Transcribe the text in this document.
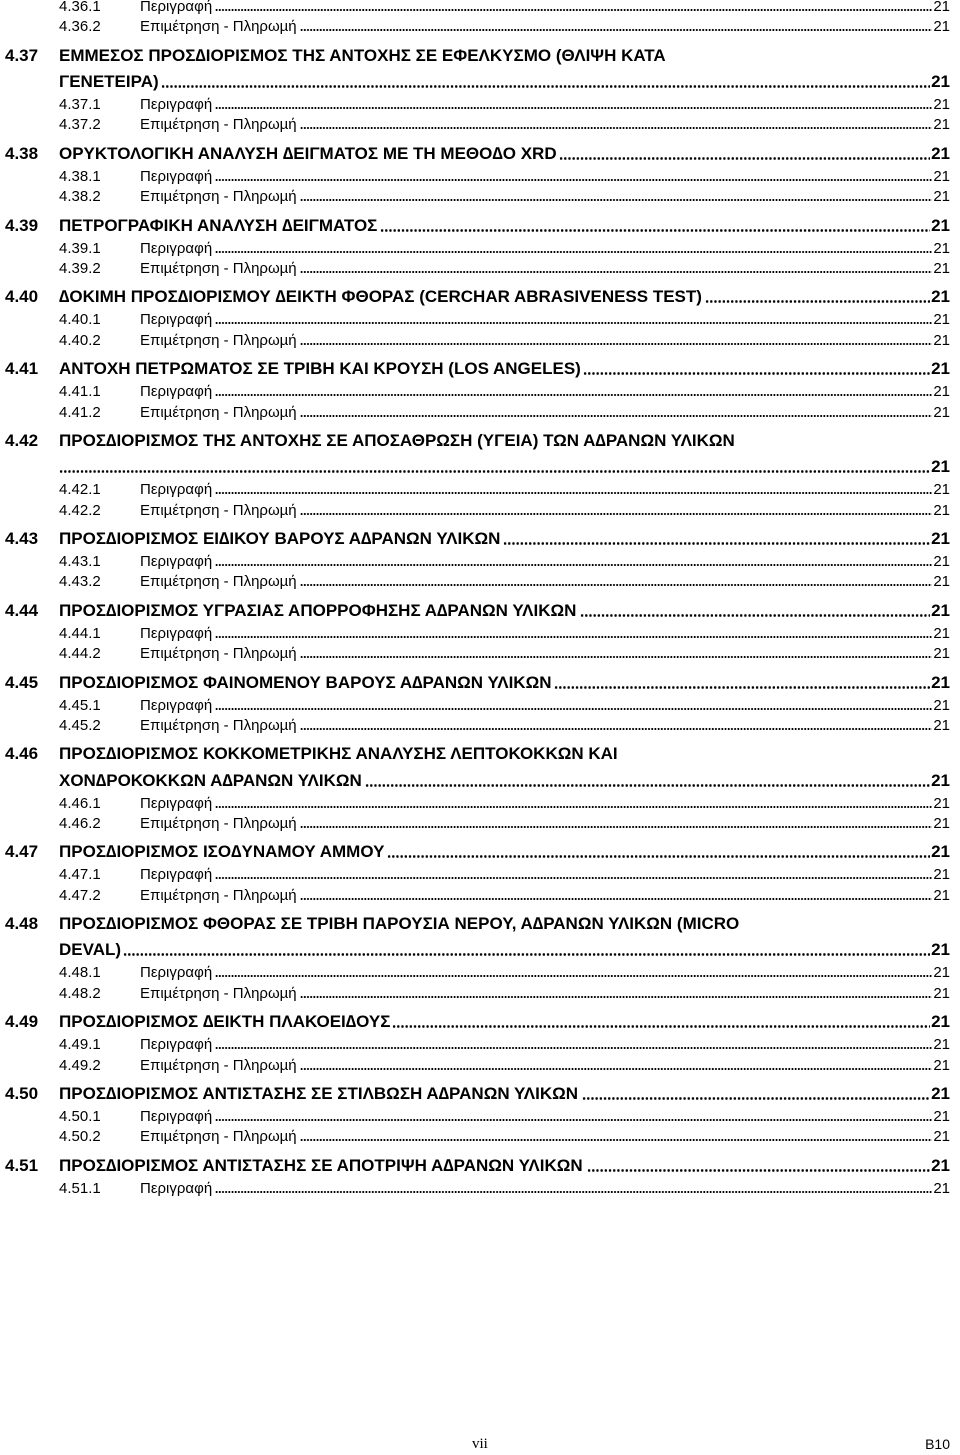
4.36.1	Περιγραφή	21
4.36.2	Επιµέτρηση - Πληρωµή	21
4.37 ΕΜΜΕΣΟΣ ΠΡΟΣ∆ΙΟΡΙΣΜΟΣ ΤΗΣ ΑΝΤΟΧΗΣ ΣΕ ΕΦΕΛΚΥΣΜΟ (ΘΛΙΨΗ ΚΑΤΑ
ΓΕΝΕΤΕΙΡΑ)	21
4.37.1	Περιγραφή	21
4.37.2	Επιµέτρηση - Πληρωµή	21
4.38 ΟΡΥΚΤΟΛΟΓΙΚΗ ΑΝΑΛΥΣΗ ∆ΕΙΓΜΑΤΟΣ ΜΕ ΤΗ ΜΕΘΟ∆Ο XRD	21
4.38.1	Περιγραφή	21
4.38.2	Επιµέτρηση - Πληρωµή	21
4.39 ΠΕΤΡΟΓΡΑΦΙΚΗ ΑΝΑΛΥΣΗ ∆ΕΙΓΜΑΤΟΣ	21
4.39.1	Περιγραφή	21
4.39.2	Επιµέτρηση - Πληρωµή	21
4.40 ∆ΟΚΙΜΗ ΠΡΟΣ∆ΙΟΡΙΣΜΟΥ ∆ΕΙΚΤΗ ΦΘΟΡΑΣ (CERCHAR ABRASIVENESS TEST)	21
4.40.1	Περιγραφή	21
4.40.2	Επιµέτρηση - Πληρωµή	21
4.41 ΑΝΤΟΧΗ ΠΕΤΡΩΜΑΤΟΣ ΣΕ ΤΡΙΒΗ ΚΑΙ ΚΡΟΥΣΗ (LOS ANGELES)	21
4.41.1	Περιγραφή	21
4.41.2	Επιµέτρηση - Πληρωµή	21
4.42 ΠΡΟΣ∆ΙΟΡΙΣΜΟΣ ΤΗΣ ΑΝΤΟΧΗΣ ΣΕ ΑΠΟΣΑΘΡΩΣΗ (ΥΓΕΙΑ) ΤΩΝ Α∆ΡΑΝΩΝ ΥΛΙΚΩΝ
21
4.42.1	Περιγραφή	21
4.42.2	Επιµέτρηση - Πληρωµή	21
4.43 ΠΡΟΣ∆ΙΟΡΙΣΜΟΣ ΕΙ∆ΙΚΟΥ ΒΑΡΟΥΣ Α∆ΡΑΝΩΝ ΥΛΙΚΩΝ	21
4.43.1	Περιγραφή	21
4.43.2	Επιµέτρηση - Πληρωµή	21
4.44 ΠΡΟΣ∆ΙΟΡΙΣΜΟΣ ΥΓΡΑΣΙΑΣ ΑΠΟΡΡΟΦΗΣΗΣ Α∆ΡΑΝΩΝ ΥΛΙΚΩΝ	21
4.44.1	Περιγραφή	21
4.44.2	Επιµέτρηση - Πληρωµή	21
4.45 ΠΡΟΣ∆ΙΟΡΙΣΜΟΣ ΦΑΙΝΟΜΕΝΟΥ ΒΑΡΟΥΣ Α∆ΡΑΝΩΝ ΥΛΙΚΩΝ	21
4.45.1	Περιγραφή	21
4.45.2	Επιµέτρηση - Πληρωµή	21
4.46 ΠΡΟΣ∆ΙΟΡΙΣΜΟΣ ΚΟΚΚΟΜΕΤΡΙΚΗΣ ΑΝΑΛΥΣΗΣ ΛΕΠΤΟΚΟΚΚΩΝ ΚΑΙ
ΧΟΝ∆ΡΟΚΟΚΚΩΝ Α∆ΡΑΝΩΝ ΥΛΙΚΩΝ	21
4.46.1	Περιγραφή	21
4.46.2	Επιµέτρηση - Πληρωµή	21
4.47 ΠΡΟΣ∆ΙΟΡΙΣΜΟΣ ΙΣΟ∆ΥΝΑΜΟΥ ΑΜΜΟΥ	21
4.47.1	Περιγραφή	21
4.47.2	Επιµέτρηση - Πληρωµή	21
4.48 ΠΡΟΣ∆ΙΟΡΙΣΜΟΣ ΦΘΟΡΑΣ ΣΕ ΤΡΙΒΗ ΠΑΡΟΥΣΙΑ ΝΕΡΟΥ, Α∆ΡΑΝΩΝ ΥΛΙΚΩΝ (MICRO
DEVAL)	21
4.48.1	Περιγραφή	21
4.48.2	Επιµέτρηση - Πληρωµή	21
4.49 ΠΡΟΣ∆ΙΟΡΙΣΜΟΣ ∆ΕΙΚΤΗ ΠΛΑΚΟΕΙ∆ΟΥΣ	21
4.49.1	Περιγραφή	21
4.49.2	Επιµέτρηση - Πληρωµή	21
4.50 ΠΡΟΣ∆ΙΟΡΙΣΜΟΣ ΑΝΤΙΣΤΑΣΗΣ ΣΕ ΣΤΙΛΒΩΣΗ Α∆ΡΑΝΩΝ ΥΛΙΚΩΝ	21
4.50.1	Περιγραφή	21
4.50.2	Επιµέτρηση - Πληρωµή	21
4.51 ΠΡΟΣ∆ΙΟΡΙΣΜΟΣ ΑΝΤΙΣΤΑΣΗΣ ΣΕ ΑΠΟΤΡΙΨΗ Α∆ΡΑΝΩΝ ΥΛΙΚΩΝ	21
4.51.1	Περιγραφή	21
vii	B10
